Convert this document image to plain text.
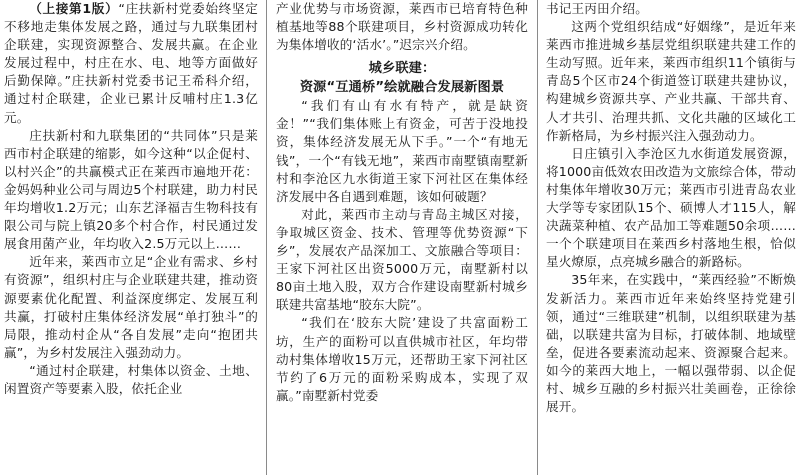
（上接第1版）“庄扶新村党委始终坚定不移地走集体发展之路，通过与九联集团村企联建，实现资源整合、发展共赢。在企业发展过程中，村庄在水、电、地等方面做好后勤保障。”庄扶新村党委书记王希科介绍，通过村企联建，企业已累计反哺村庄1.3亿元。

庄扶新村和九联集团的“共同体”只是莱西市村企联建的缩影，如今这种“以企促村、以村兴企”的共赢模式正在莱西市遍地开花：金妈妈种业公司与周边5个村联建，助力村民年均增收1.2万元；山东艺泽福吉生物科技有限公司与院上镇20多个村合作，村民通过发展食用菌产业，年均收入2.5万元以上……

近年来，莱西市立足“企业有需求、乡村有资源”，组织村庄与企业联建共建，推动资源要素优化配置、利益深度绑定、发展互利共赢，打破村庄集体经济发展“单打独斗”的局限，推动村企从“各自发展”走向“抱团共赢”，为乡村发展注入强劲动力。

“通过村企联建，村集体以资金、土地、闲置资产等要素入股，依托企业

产业优势与市场资源，莱西市已培育特色种植基地等88个联建项目，乡村资源成功转化为集体增收的‘活水’。”迟宗兴介绍。

城乡联建：
资源“互通桥”绘就融合发展新图景

“我们有山有水有特产，就是缺资金！”“我们集体账上有资金，可苦于没地投资，集体经济发展无从下手。”一个“有地无钱”，一个“有钱无地”，莱西市南墅镇南墅新村和李沧区九水街道王家下河社区在集体经济发展中各自遇到难题，该如何破题？

对此，莱西市主动与青岛主城区对接，争取城区资金、技术、管理等优势资源“下乡”，发展农产品深加工、文旅融合等项目：王家下河社区出资5000万元，南墅新村以80亩土地入股，双方合作建设南墅新村城乡联建共富基地“胶东大院”。

“我们在‘胶东大院’建设了共富面粉工坊，生产的面粉可以直供城市社区，年均带动村集体增收15万元，还帮助王家下河社区节约了6万元的面粉采购成本，实现了双赢。”南墅新村党委

书记王丙田介绍。

这两个党组织结成“好姻缘”，是近年来莱西市推进城乡基层党组织联建共建工作的生动写照。近年来，莱西市组织11个镇街与青岛5个区市24个街道签订联建共建协议，构建城乡资源共享、产业共赢、干部共育、人才共引、治理共抓、文化共融的区域化工作新格局，为乡村振兴注入强劲动力。

日庄镇引入李沧区九水街道发展资源，将1000亩低效农田改造为文旅综合体，带动村集体年增收30万元；莱西市引进青岛农业大学等专家团队15个、硕博人才115人，解决蔬菜种植、农产品加工等难题50余项……一个个联建项目在莱西乡村落地生根，恰似星火燎原，点亮城乡融合的新路标。

35年来，在实践中，“莱西经验”不断焕发新活力。莱西市近年来始终坚持党建引领，通过“三维联建”机制，以组织联建为基础，以联建共富为目标，打破体制、地域壁垒，促进各要素流动起来、资源聚合起来。如今的莱西大地上，一幅以强带弱、以企促村、城乡互融的乡村振兴壮美画卷，正徐徐展开。
